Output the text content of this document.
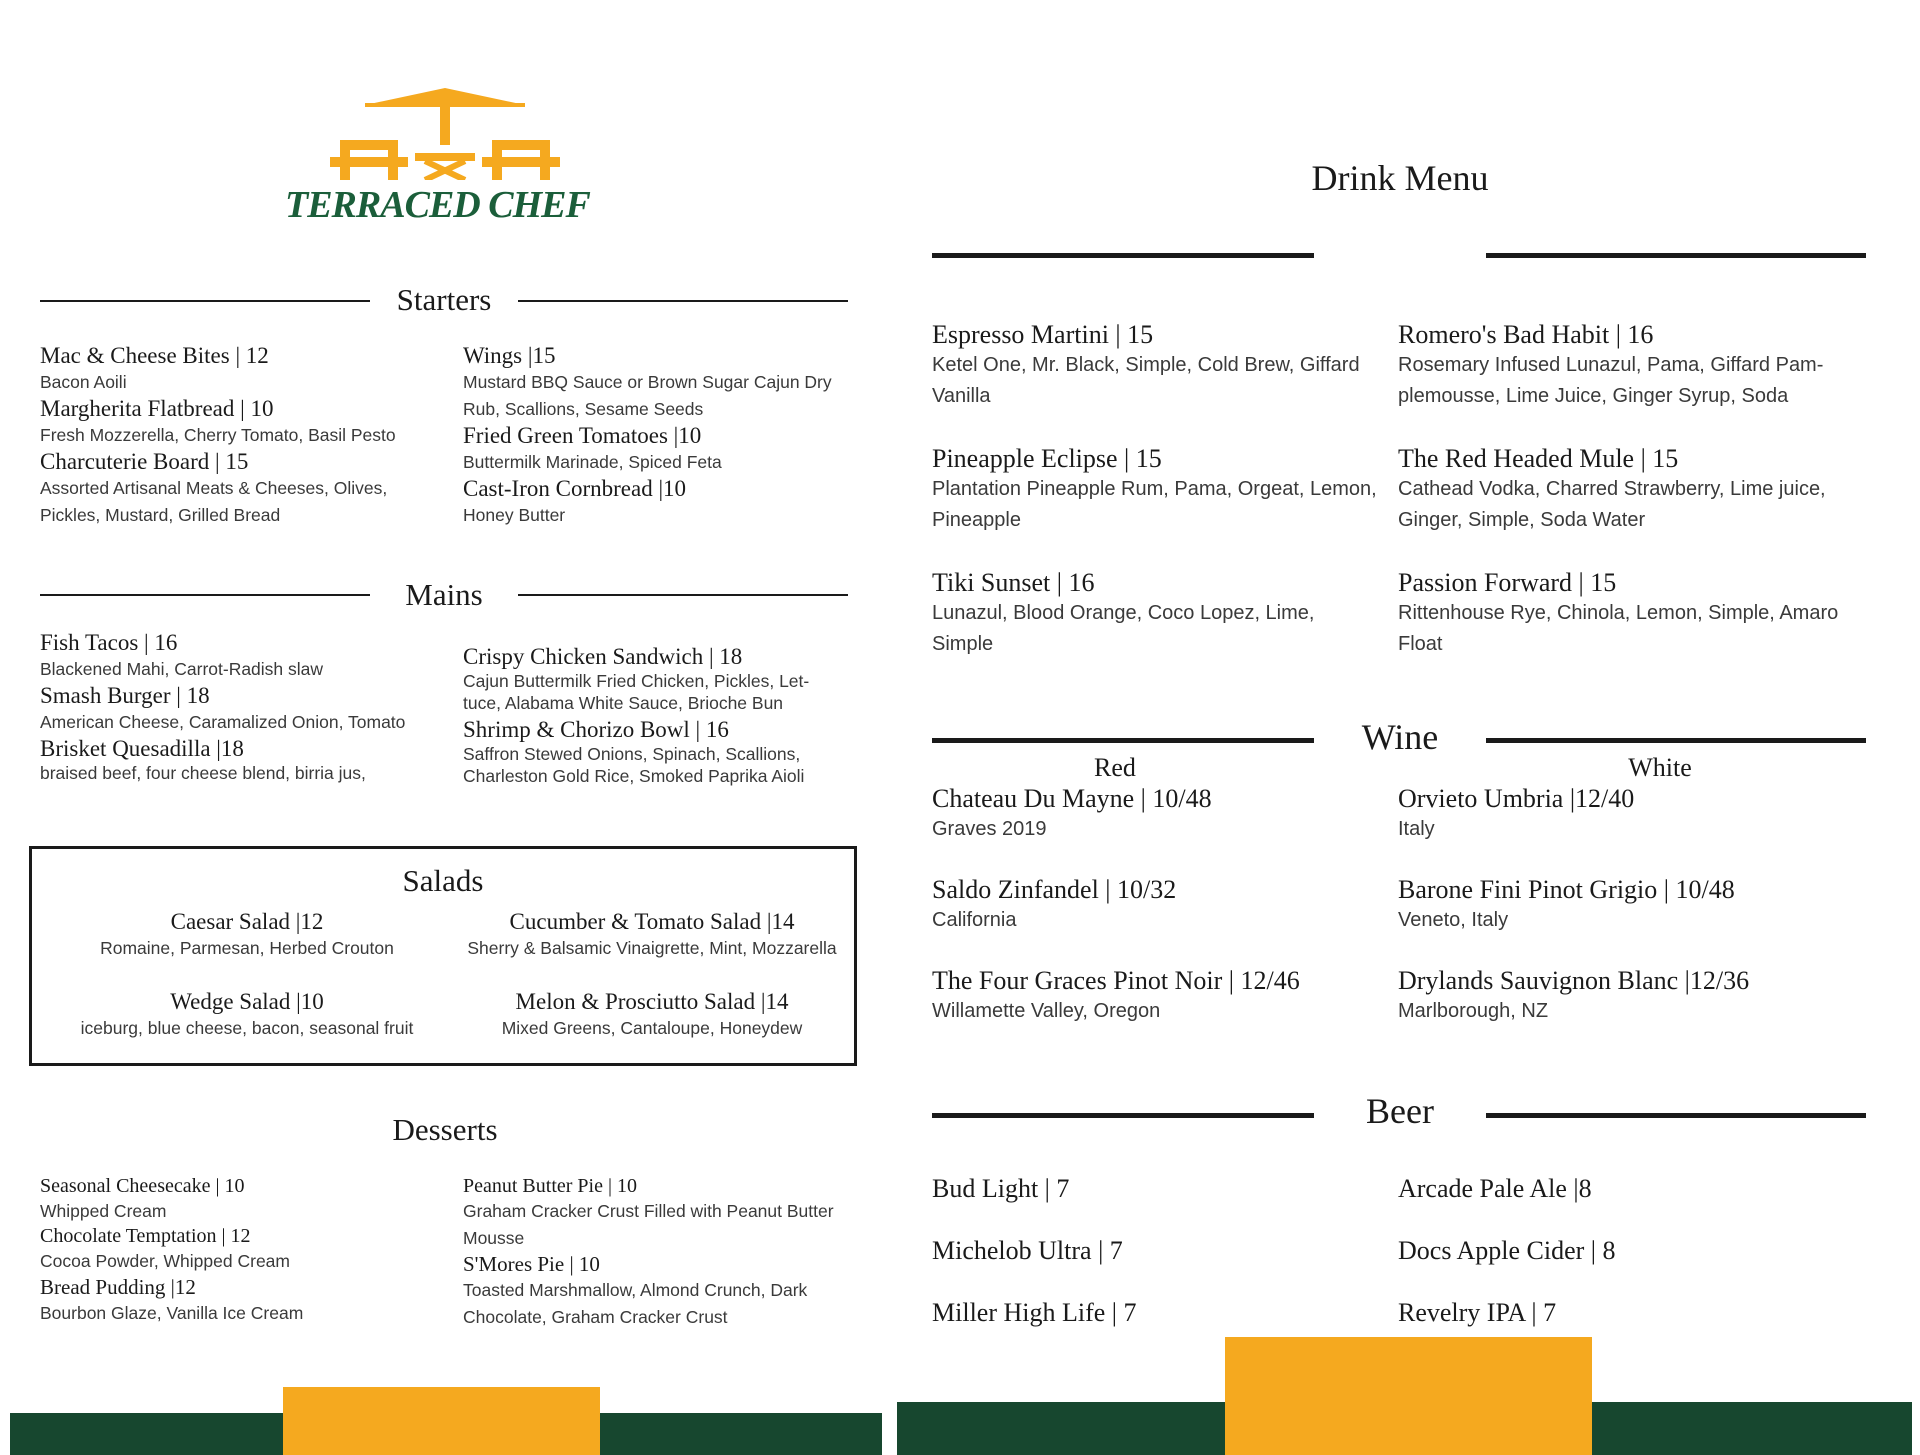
TERRACED CHEF
Starters
Mac & Cheese Bites | 12
Bacon Aoili
Margherita Flatbread | 10
Fresh Mozzerella, Cherry Tomato, Basil Pesto
Charcuterie Board | 15
Assorted Artisanal Meats & Cheeses, Olives, Pickles, Mustard, Grilled Bread
Wings |15
Mustard BBQ Sauce or Brown Sugar Cajun Dry Rub, Scallions, Sesame Seeds
Fried Green Tomatoes |10
Buttermilk Marinade, Spiced Feta
Cast-Iron Cornbread |10
Honey Butter
Mains
Fish Tacos | 16
Blackened Mahi, Carrot-Radish slaw
Smash Burger | 18
American Cheese, Caramalized Onion, Tomato
Brisket Quesadilla |18
braised beef, four cheese blend, birria jus,
Crispy Chicken Sandwich | 18
Cajun Buttermilk Fried Chicken, Pickles, Let-tuce, Alabama White Sauce, Brioche Bun
Shrimp & Chorizo Bowl | 16
Saffron Stewed Onions, Spinach, Scallions, Charleston Gold Rice, Smoked Paprika Aioli
Salads
Caesar Salad |12
Romaine, Parmesan, Herbed Crouton
Cucumber & Tomato Salad |14
Sherry & Balsamic Vinaigrette, Mint, Mozzarella
Wedge Salad |10
iceburg, blue cheese, bacon, seasonal fruit
Melon & Prosciutto Salad |14
Mixed Greens, Cantaloupe, Honeydew
Desserts
Seasonal Cheesecake | 10
Whipped Cream
Chocolate Temptation | 12
Cocoa Powder, Whipped Cream
Bread Pudding |12
Bourbon Glaze, Vanilla Ice Cream
Peanut Butter Pie | 10
Graham Cracker Crust Filled with Peanut Butter Mousse
S'Mores Pie | 10
Toasted Marshmallow, Almond Crunch, Dark Chocolate, Graham Cracker Crust
Drink Menu
Espresso Martini | 15
Ketel One, Mr. Black, Simple, Cold Brew, Giffard Vanilla
Romero's Bad Habit | 16
Rosemary Infused Lunazul, Pama, Giffard Pam-plemousse, Lime Juice, Ginger Syrup, Soda
Pineapple Eclipse | 15
Plantation Pineapple Rum, Pama, Orgeat, Lemon, Pineapple
The Red Headed Mule | 15
Cathead Vodka, Charred Strawberry, Lime juice, Ginger, Simple, Soda Water
Tiki Sunset | 16
Lunazul, Blood Orange, Coco Lopez, Lime, Simple
Passion Forward | 15
Rittenhouse Rye, Chinola, Lemon, Simple, Amaro Float
Wine
Red	White
Chateau Du Mayne | 10/48
Graves 2019
Saldo Zinfandel | 10/32
California
The Four Graces Pinot Noir | 12/46
Willamette Valley, Oregon
Orvieto Umbria |12/40
Italy
Barone Fini Pinot Grigio | 10/48
Veneto, Italy
Drylands Sauvignon Blanc |12/36
Marlborough, NZ
Beer
Bud Light | 7
Michelob Ultra | 7
Miller High Life | 7
Arcade Pale Ale |8
Docs Apple Cider | 8
Revelry IPA | 7
